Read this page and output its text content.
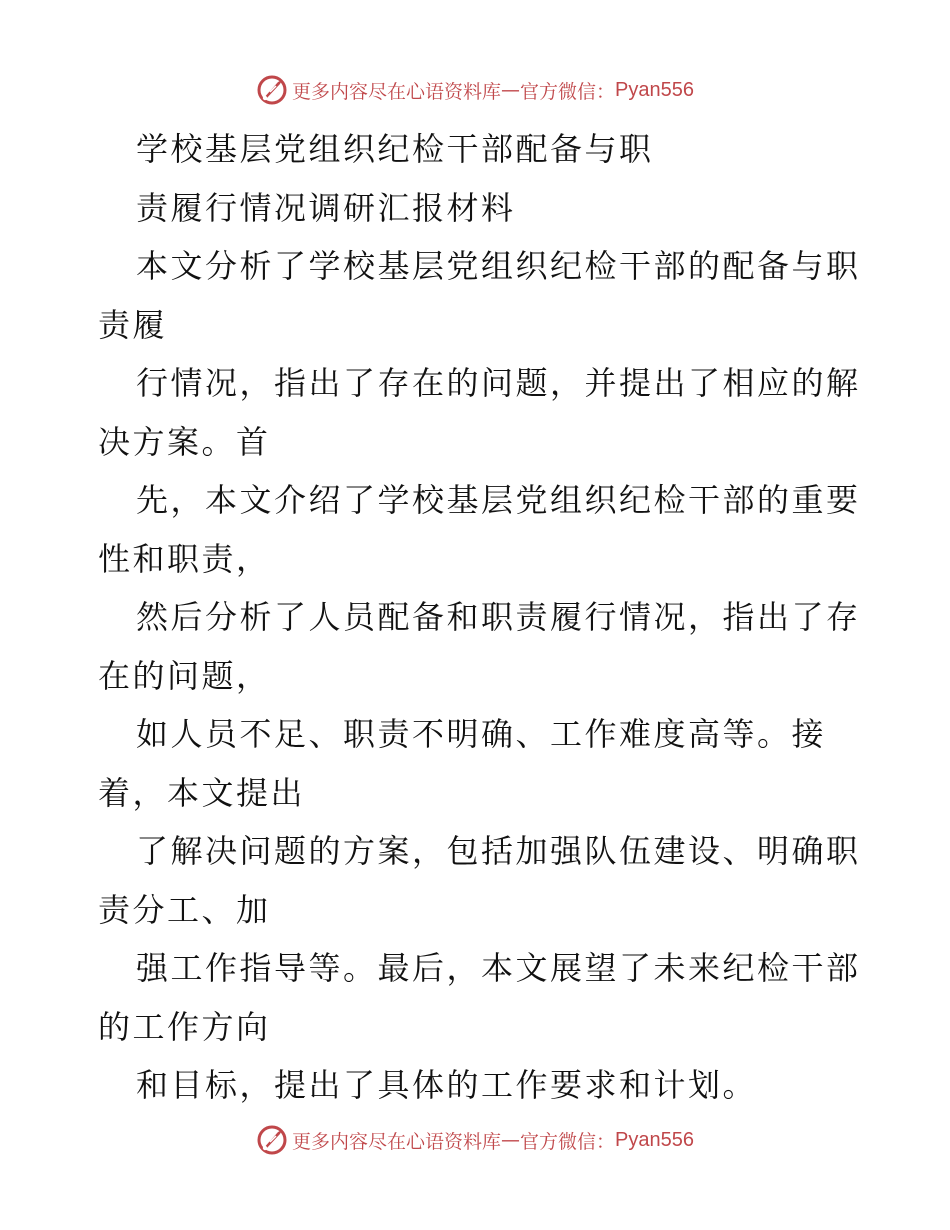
更多内容尽在心语资料库 — 官方微信： Pyan556
学校基层党组织纪检干部配备与职
责履行情况调研汇报材料
本文分析了学校基层党组织纪检干部的配备与职
责履
行情况，指出了存在的问题，并提出了相应的解
决方案。首
先，本文介绍了学校基层党组织纪检干部的重要
性和职责，
然后分析了人员配备和职责履行情况，指出了存
在的问题，
如人员不足、职责不明确、工作难度高等。接
着，本文提出
了解决问题的方案，包括加强队伍建设、明确职
责分工、加
强工作指导等。最后，本文展望了未来纪检干部
的工作方向
和目标，提出了具体的工作要求和计划。
更多内容尽在心语资料库 — 官方微信： Pyan556
